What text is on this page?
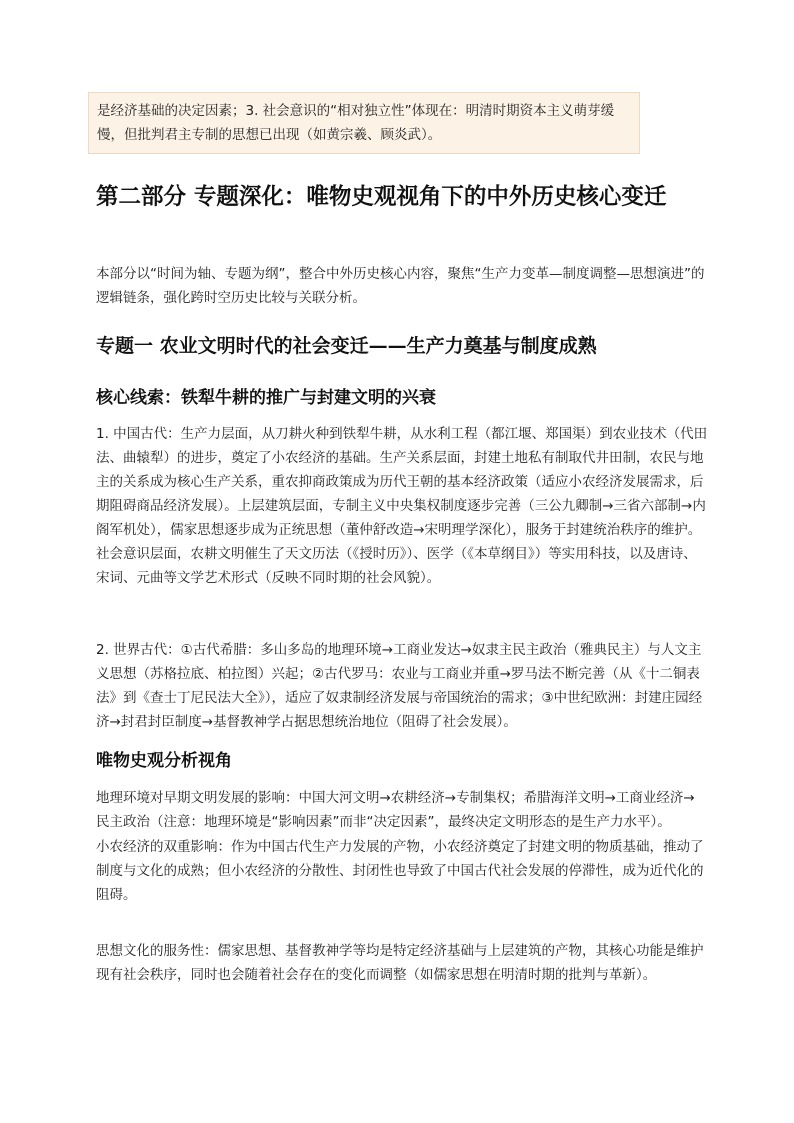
是经济基础的决定因素；3. 社会意识的“相对独立性”体现在：明清时期资本主义萌芽缓慢，但批判君主专制的思想已出现（如黄宗羲、顾炎武）。
第二部分 专题深化：唯物史观视角下的中外历史核心变迁
本部分以“时间为轴、专题为纲”，整合中外历史核心内容，聚焦“生产力变革—制度调整—思想演进”的逻辑链条，强化跨时空历史比较与关联分析。
专题一 农业文明时代的社会变迁——生产力奠基与制度成熟
核心线索：铁犁牛耕的推广与封建文明的兴衰
1. 中国古代：生产力层面，从刀耕火种到铁犁牛耕，从水利工程（都江堰、郑国渠）到农业技术（代田法、曲辕犁）的进步，奠定了小农经济的基础。生产关系层面，封建土地私有制取代井田制，农民与地主的关系成为核心生产关系，重农抑商政策成为历代王朝的基本经济政策（适应小农经济发展需求，后期阻碍商品经济发展）。上层建筑层面，专制主义中央集权制度逐步完善（三公九卿制→三省六部制→内阁军机处），儒家思想逐步成为正统思想（董仲舒改造→宋明理学深化），服务于封建统治秩序的维护。社会意识层面，农耕文明催生了天文历法（《授时历》）、医学（《本草纲目》）等实用科技，以及唐诗、宋词、元曲等文学艺术形式（反映不同时期的社会风貌）。
2. 世界古代：①古代希腊：多山多岛的地理环境→工商业发达→奴隶主民主政治（雅典民主）与人文主义思想（苏格拉底、柏拉图）兴起；②古代罗马：农业与工商业并重→罗马法不断完善（从《十二铜表法》到《查士丁尼民法大全》），适应了奴隶制经济发展与帝国统治的需求；③中世纪欧洲：封建庄园经济→封君封臣制度→基督教神学占据思想统治地位（阻碍了社会发展）。
唯物史观分析视角
地理环境对早期文明发展的影响：中国大河文明→农耕经济→专制集权；希腊海洋文明→工商业经济→民主政治（注意：地理环境是“影响因素”而非“决定因素”，最终决定文明形态的是生产力水平）。
小农经济的双重影响：作为中国古代生产力发展的产物，小农经济奠定了封建文明的物质基础，推动了制度与文化的成熟；但小农经济的分散性、封闭性也导致了中国古代社会发展的停滞性，成为近代化的阻碍。
思想文化的服务性：儒家思想、基督教神学等均是特定经济基础与上层建筑的产物，其核心功能是维护现有社会秩序，同时也会随着社会存在的变化而调整（如儒家思想在明清时期的批判与革新）。
